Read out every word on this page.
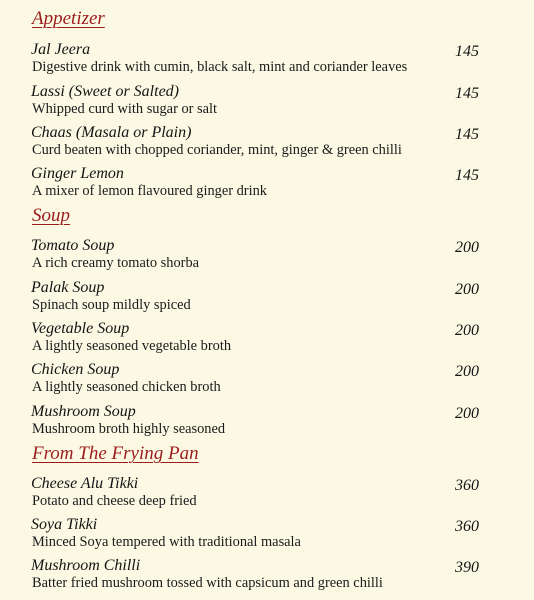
Appetizer
Jal Jeera	145
Digestive drink with cumin, black salt, mint and coriander leaves
Lassi (Sweet or Salted)	145
Whipped curd with sugar or salt
Chaas (Masala or Plain)	145
Curd beaten with chopped coriander, mint, ginger & green chilli
Ginger Lemon	145
A mixer of lemon flavoured ginger drink
Soup
Tomato Soup	200
A rich creamy tomato shorba
Palak Soup	200
Spinach soup mildly spiced
Vegetable Soup	200
A lightly seasoned vegetable broth
Chicken Soup	200
A lightly seasoned chicken broth
Mushroom Soup	200
Mushroom broth highly seasoned
From The Frying Pan
Cheese Alu Tikki	360
Potato and cheese deep fried
Soya Tikki	360
Minced Soya tempered with traditional masala
Mushroom Chilli	390
Batter fried mushroom tossed with capsicum and green chilli
